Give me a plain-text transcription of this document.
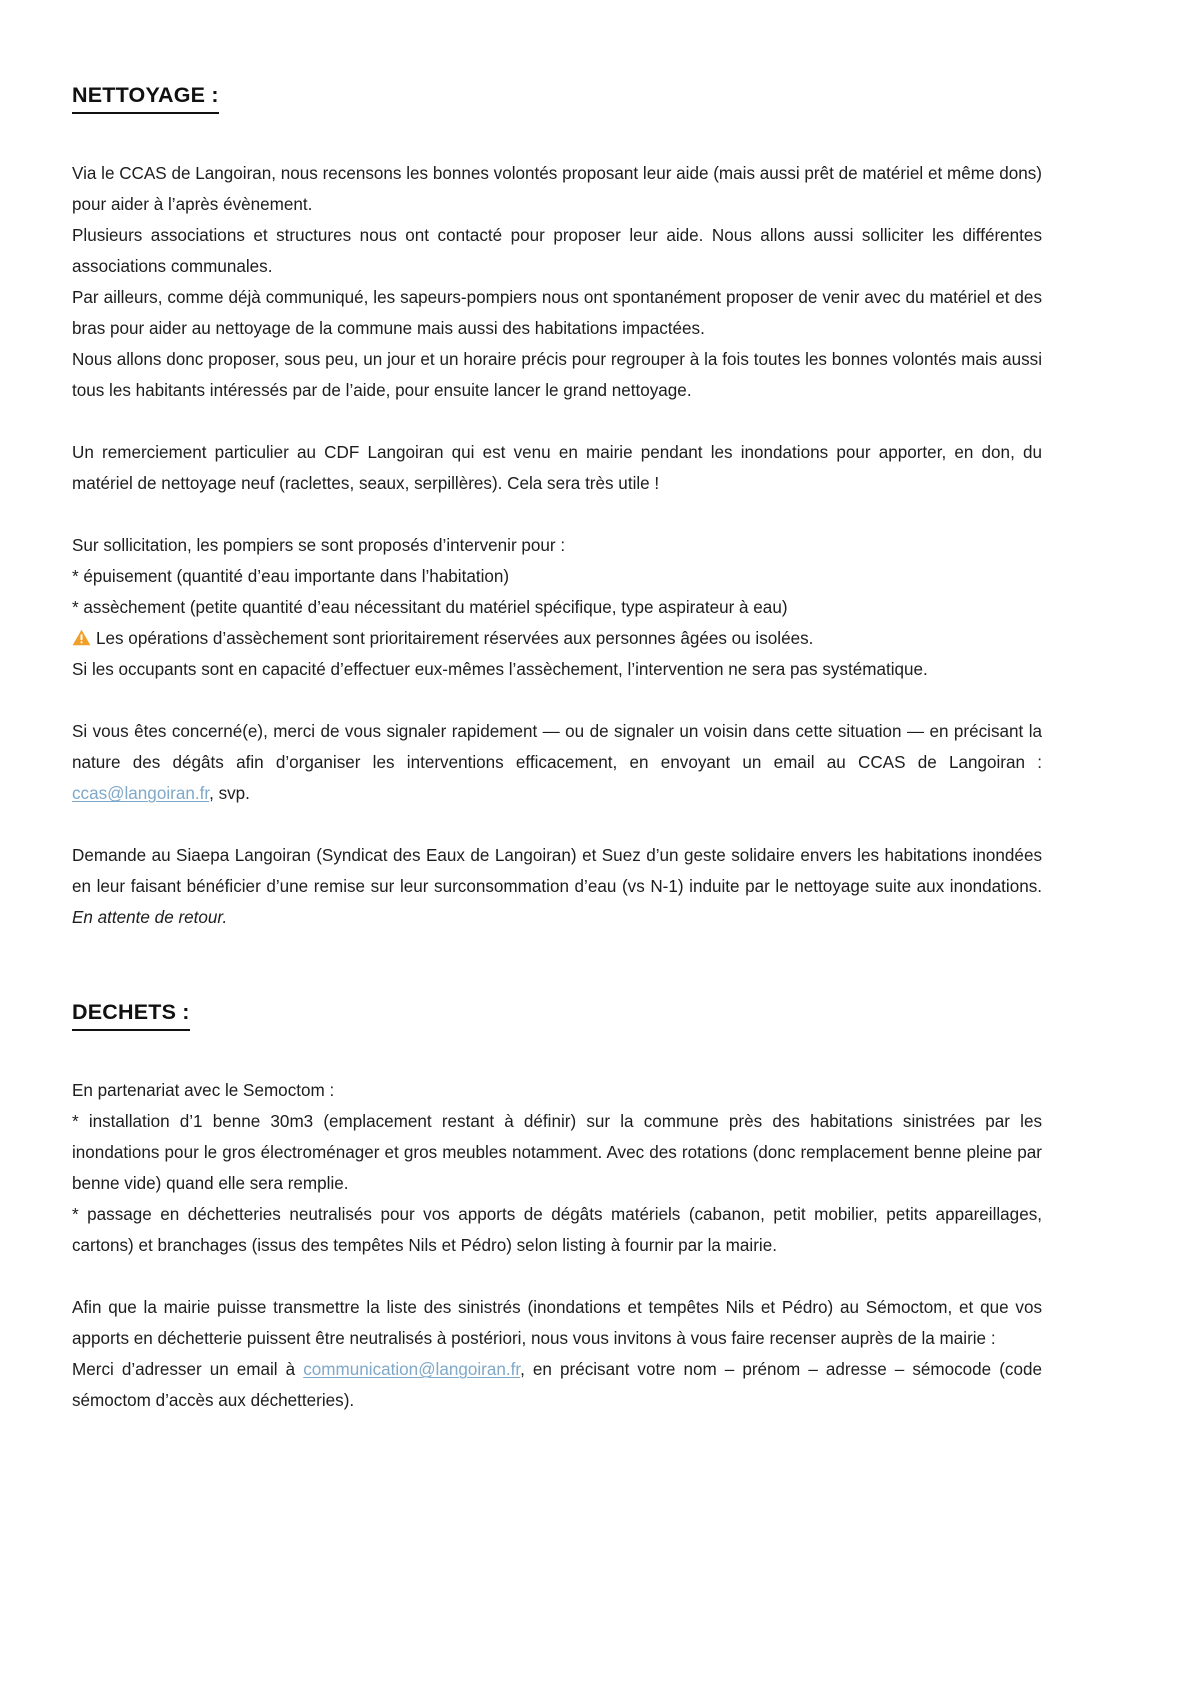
NETTOYAGE :

Via le CCAS de Langoiran, nous recensons les bonnes volontés proposant leur aide (mais aussi prêt de matériel et même dons) pour aider à l’après évènement.

Plusieurs associations et structures nous ont contacté pour proposer leur aide. Nous allons aussi solliciter les différentes associations communales.

Par ailleurs, comme déjà communiqué, les sapeurs-pompiers nous ont spontanément proposer de venir avec du matériel et des bras pour aider au nettoyage de la commune mais aussi des habitations impactées.

Nous allons donc proposer, sous peu, un jour et un horaire précis pour regrouper à la fois toutes les bonnes volontés mais aussi tous les habitants intéressés par de l’aide, pour ensuite lancer le grand nettoyage.

Un remerciement particulier au CDF Langoiran qui est venu en mairie pendant les inondations pour apporter, en don, du matériel de nettoyage neuf (raclettes, seaux, serpillères). Cela sera très utile !

Sur sollicitation, les pompiers se sont proposés d’intervenir pour :

* épuisement (quantité d’eau importante dans l’habitation)

* assèchement (petite quantité d’eau nécessitant du matériel spécifique, type aspirateur à eau)

Les opérations d’assèchement sont prioritairement réservées aux personnes âgées ou isolées.

Si les occupants sont en capacité d’effectuer eux-mêmes l’assèchement, l’intervention ne sera pas systématique.

Si vous êtes concerné(e), merci de vous signaler rapidement — ou de signaler un voisin dans cette situation — en précisant la nature des dégâts afin d’organiser les interventions efficacement, en envoyant un email au CCAS de Langoiran : ccas@langoiran.fr, svp.

Demande au Siaepa Langoiran (Syndicat des Eaux de Langoiran) et Suez d’un geste solidaire envers les habitations inondées en leur faisant bénéficier d’une remise sur leur surconsommation d’eau (vs N-1) induite par le nettoyage suite aux inondations. En attente de retour.

DECHETS :

En partenariat avec le Semoctom :

* installation d’1 benne 30m3 (emplacement restant à définir) sur la commune près des habitations sinistrées par les inondations pour le gros électroménager et gros meubles notamment. Avec des rotations (donc remplacement benne pleine par benne vide) quand elle sera remplie.

* passage en déchetteries neutralisés pour vos apports de dégâts matériels (cabanon, petit mobilier, petits appareillages, cartons) et branchages (issus des tempêtes Nils et Pédro) selon listing à fournir par la mairie.

Afin que la mairie puisse transmettre la liste des sinistrés (inondations et tempêtes Nils et Pédro) au Sémoctom, et que vos apports en déchetterie puissent être neutralisés à postériori, nous vous invitons à vous faire recenser auprès de la mairie :

Merci d’adresser un email à communication@langoiran.fr, en précisant votre nom – prénom – adresse – sémocode (code sémoctom d’accès aux déchetteries).
